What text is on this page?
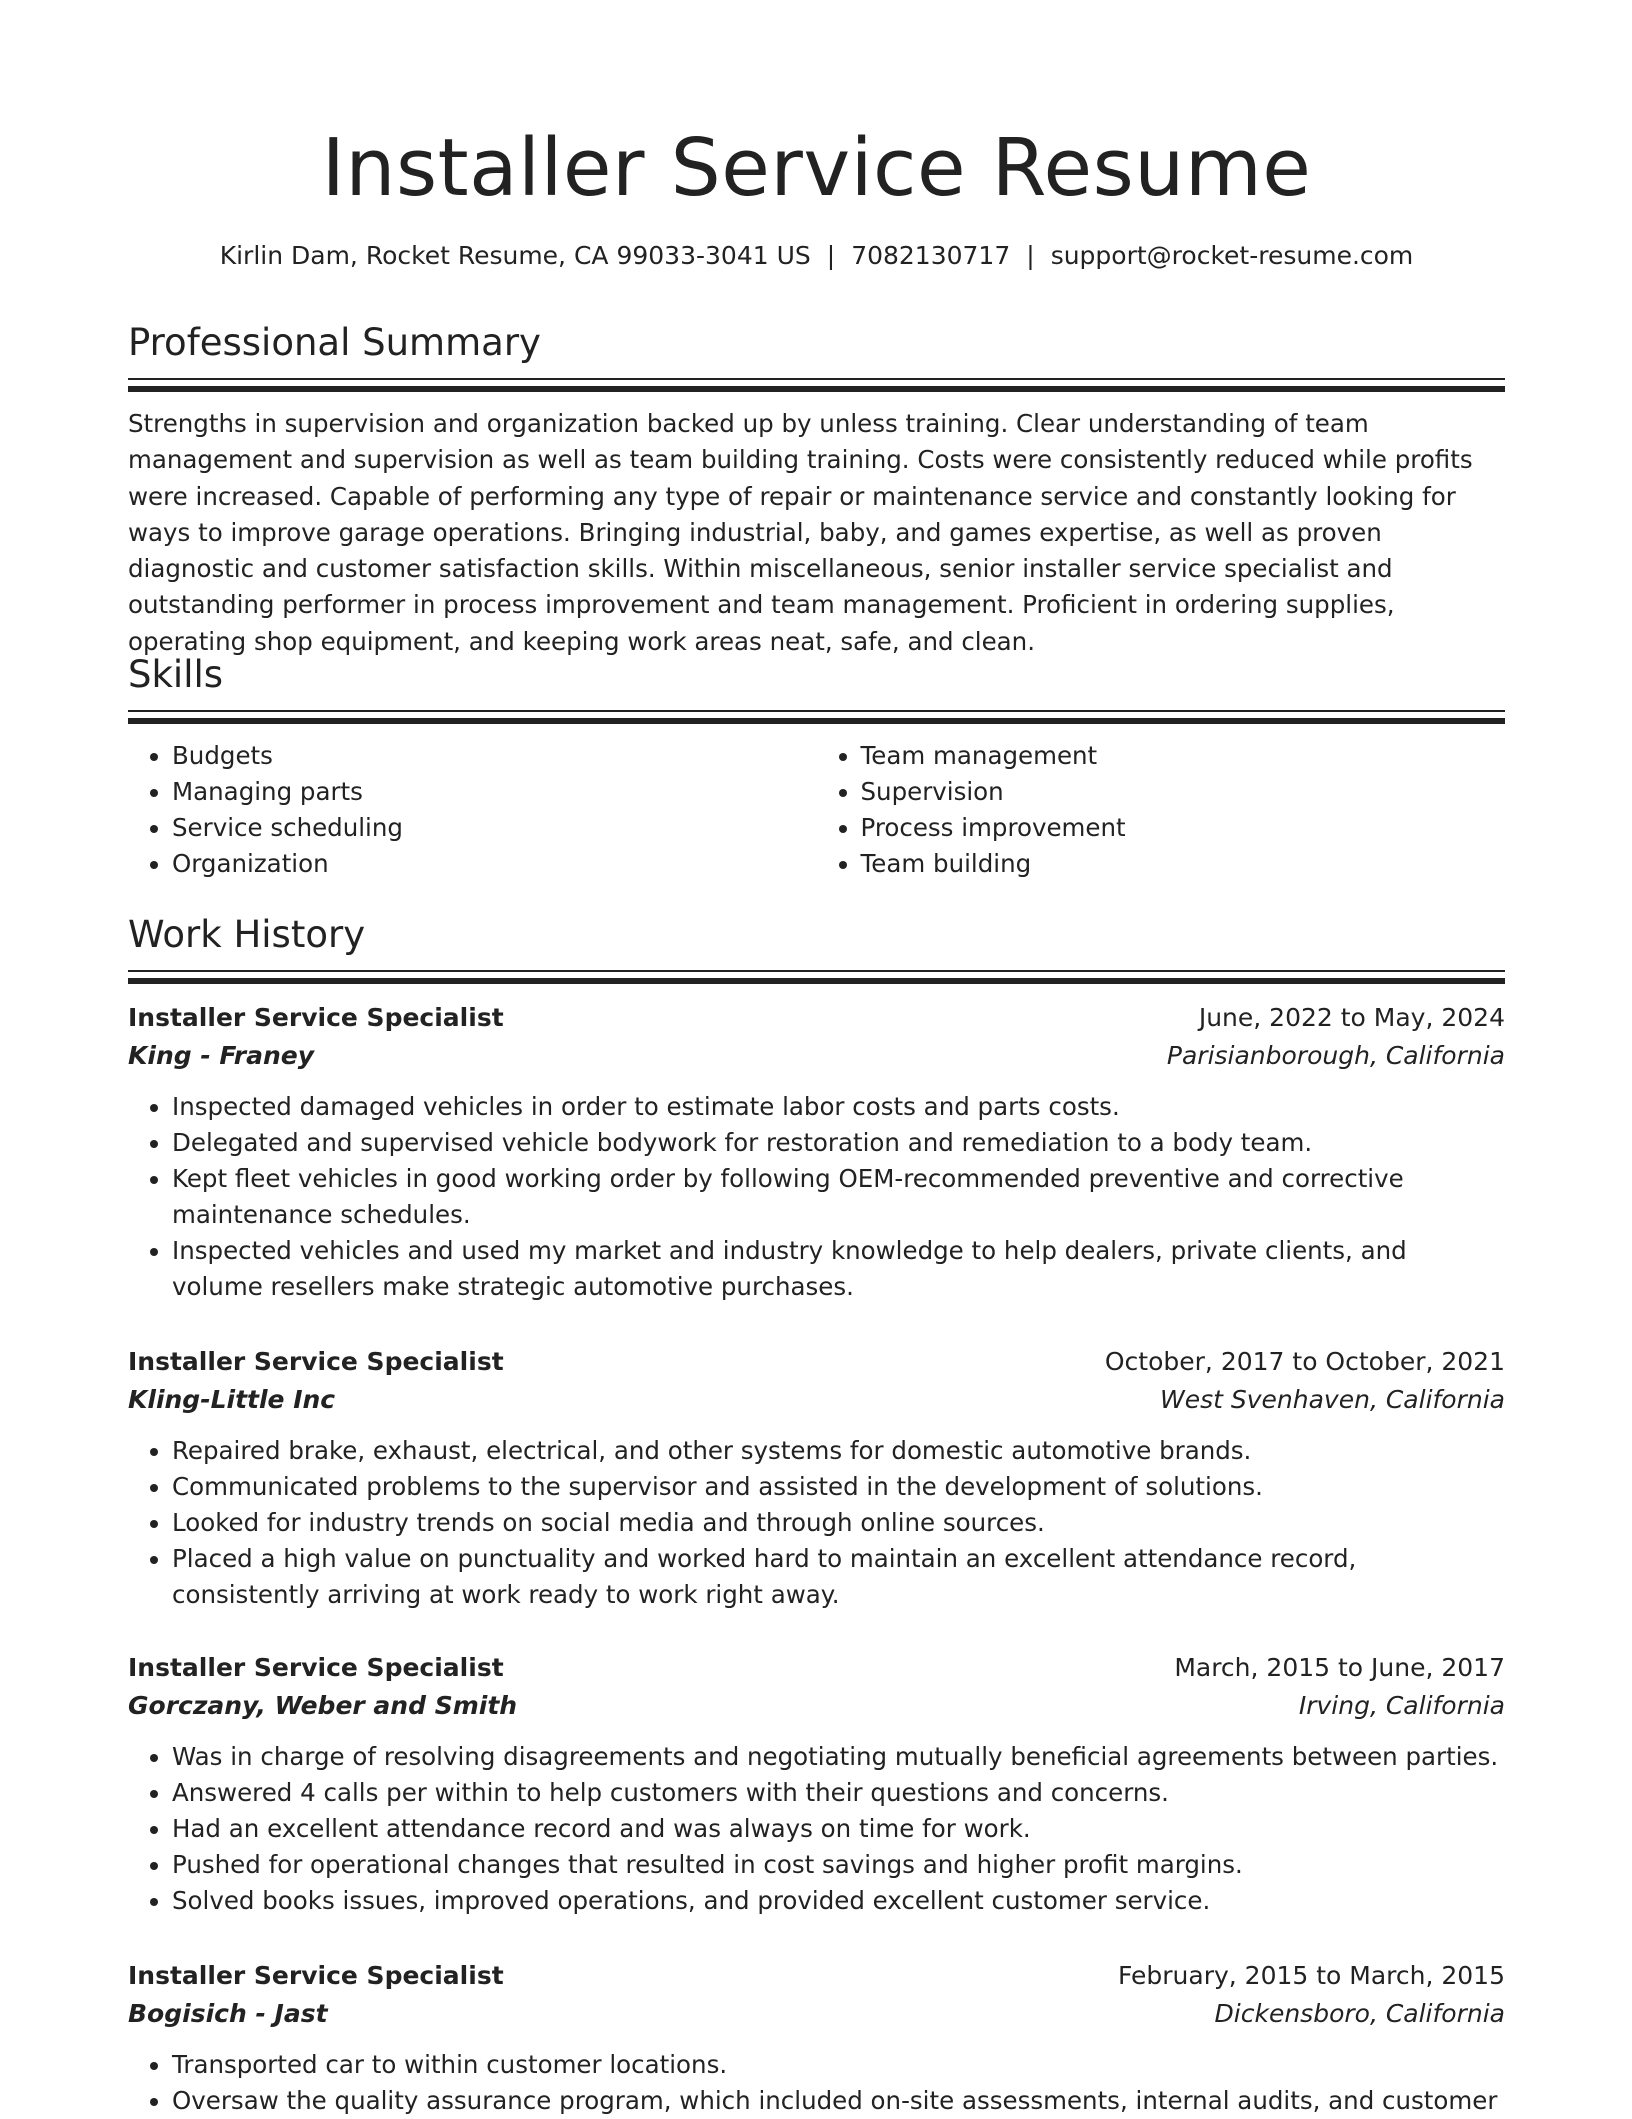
Installer Service Resume
Kirlin Dam, Rocket Resume, CA 99033-3041 US | 7082130717 | support@rocket-resume.com
Professional Summary

Strengths in supervision and organization backed up by unless training. Clear understanding of team management and supervision as well as team building training. Costs were consistently reduced while profits were increased. Capable of performing any type of repair or maintenance service and constantly looking for ways to improve garage operations. Bringing industrial, baby, and games expertise, as well as proven diagnostic and customer satisfaction skills. Within miscellaneous, senior installer service specialist and outstanding performer in process improvement and team management. Proficient in ordering supplies, operating shop equipment, and keeping work areas neat, safe, and clean.

Skills
• Budgets
• Managing parts
• Service scheduling
• Organization
• Team management
• Supervision
• Process improvement
• Team building
Work History
Installer Service Specialist	June, 2022 to May, 2024
King - Franey	Parisianborough, California
• Inspected damaged vehicles in order to estimate labor costs and parts costs.
• Delegated and supervised vehicle bodywork for restoration and remediation to a body team.
• Kept fleet vehicles in good working order by following OEM-recommended preventive and corrective maintenance schedules.
• Inspected vehicles and used my market and industry knowledge to help dealers, private clients, and volume resellers make strategic automotive purchases.
Installer Service Specialist	October, 2017 to October, 2021
Kling-Little Inc	West Svenhaven, California
• Repaired brake, exhaust, electrical, and other systems for domestic automotive brands.
• Communicated problems to the supervisor and assisted in the development of solutions.
• Looked for industry trends on social media and through online sources.
• Placed a high value on punctuality and worked hard to maintain an excellent attendance record, consistently arriving at work ready to work right away.
Installer Service Specialist	March, 2015 to June, 2017
Gorczany, Weber and Smith	Irving, California
• Was in charge of resolving disagreements and negotiating mutually beneficial agreements between parties.
• Answered 4 calls per within to help customers with their questions and concerns.
• Had an excellent attendance record and was always on time for work.
• Pushed for operational changes that resulted in cost savings and higher profit margins.
• Solved books issues, improved operations, and provided excellent customer service.
Installer Service Specialist	February, 2015 to March, 2015
Bogisich - Jast	Dickensboro, California
• Transported car to within customer locations.
• Oversaw the quality assurance program, which included on-site assessments, internal audits, and customer
